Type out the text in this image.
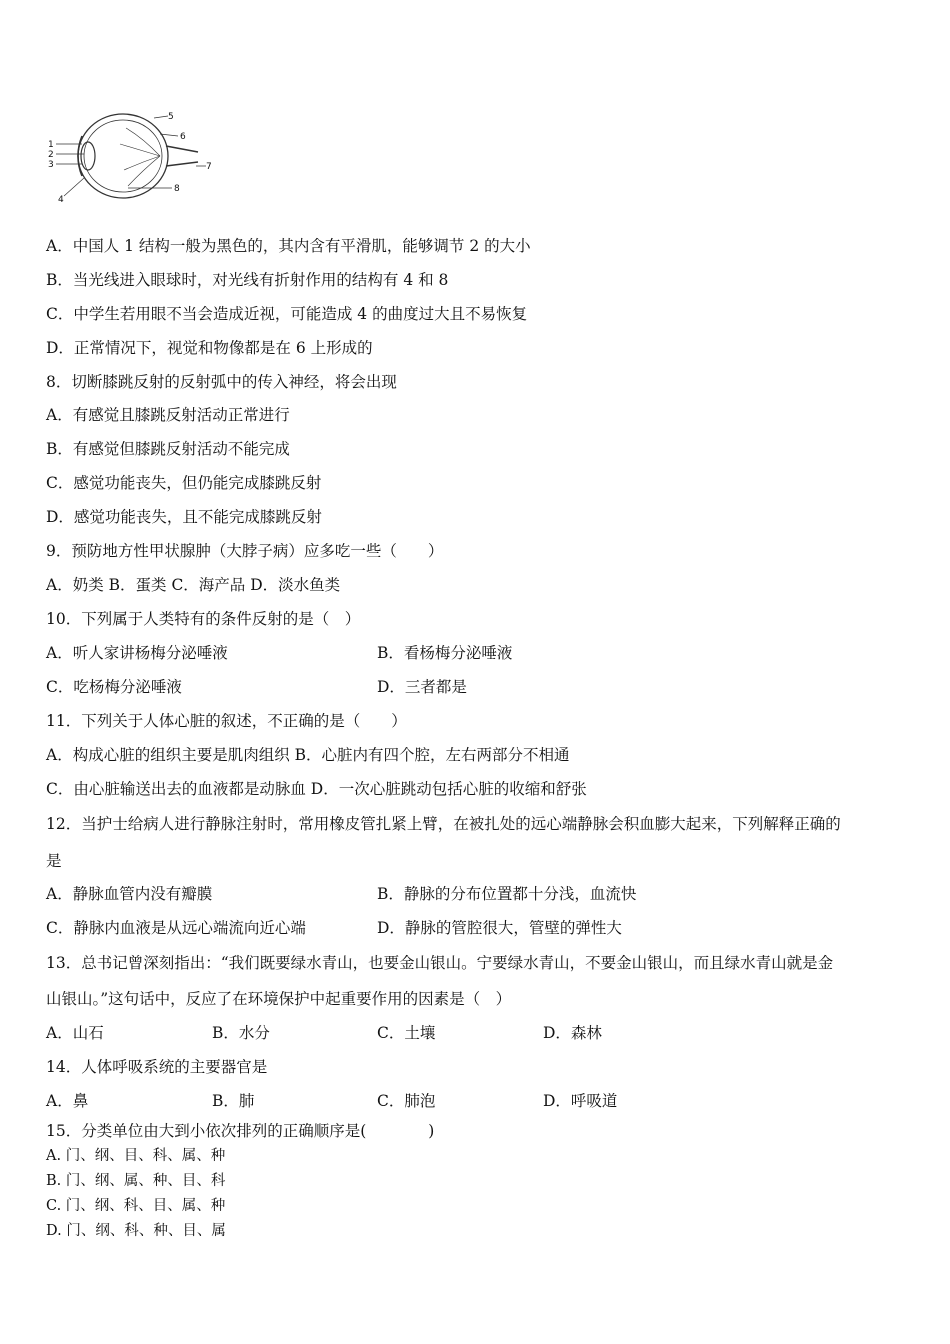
1
2
3
4
5
6
7
8
A．中国人 1 结构一般为黑色的，其内含有平滑肌，能够调节 2 的大小
B．当光线进入眼球时，对光线有折射作用的结构有 4 和 8
C．中学生若用眼不当会造成近视，可能造成 4 的曲度过大且不易恢复
D．正常情况下，视觉和物像都是在 6 上形成的
8．切断膝跳反射的反射弧中的传入神经，将会出现
A．有感觉且膝跳反射活动正常进行
B．有感觉但膝跳反射活动不能完成
C．感觉功能丧失，但仍能完成膝跳反射
D．感觉功能丧失，且不能完成膝跳反射
9．预防地方性甲状腺肿（大脖子病）应多吃一些（　　）
A．奶类 B．蛋类 C．海产品 D．淡水鱼类
10．下列属于人类特有的条件反射的是（　）
A．听人家讲杨梅分泌唾液	B．看杨梅分泌唾液
C．吃杨梅分泌唾液	D．三者都是
11．下列关于人体心脏的叙述，不正确的是（　　）
A．构成心脏的组织主要是肌肉组织 B．心脏内有四个腔，左右两部分不相通
C．由心脏输送出去的血液都是动脉血 D．一次心脏跳动包括心脏的收缩和舒张
12．当护士给病人进行静脉注射时，常用橡皮管扎紧上臂，在被扎处的远心端静脉会积血膨大起来，下列解释正确的
是
A．静脉血管内没有瓣膜	B．静脉的分布位置都十分浅，血流快
C．静脉内血液是从远心端流向近心端	D．静脉的管腔很大，管壁的弹性大
13．总书记曾深刻指出：“我们既要绿水青山，也要金山银山。宁要绿水青山，不要金山银山，而且绿水青山就是金
山银山。”这句话中，反应了在环境保护中起重要作用的因素是（　）
A．山石	B．水分	C．土壤	D．森林
14．人体呼吸系统的主要器官是
A．鼻	B．肺	C．肺泡	D．呼吸道
15．分类单位由大到小依次排列的正确顺序是(　　　　)
A. 门、纲、目、科、属、种
B. 门、纲、属、种、目、科
C. 门、纲、科、目、属、种
D. 门、纲、科、种、目、属
